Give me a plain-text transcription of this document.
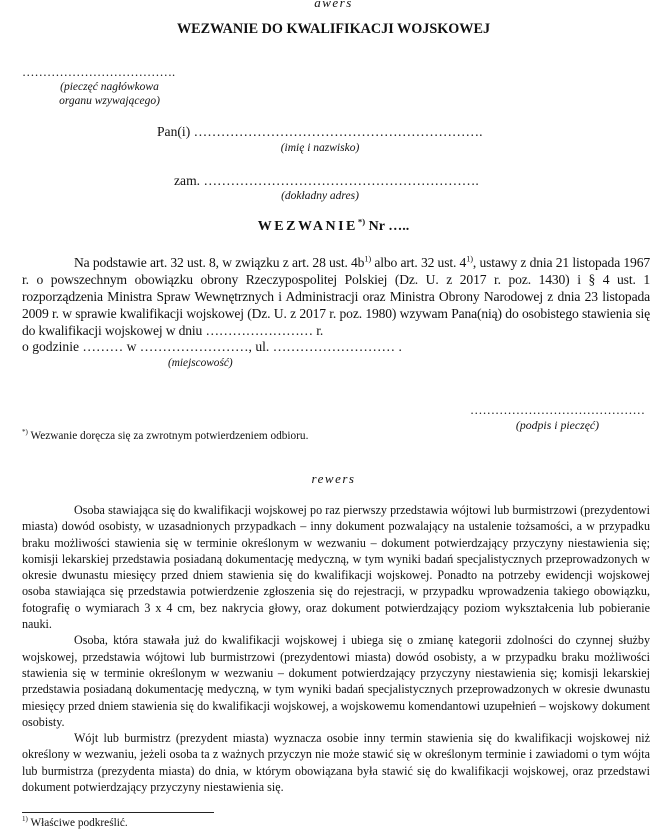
awers
WEZWANIE DO KWALIFIKACJI WOJSKOWEJ
……………………………….
(pieczęć nagłówkowa
organu wzywającego)
Pan(i) ……………………………………………………….
(imię i nazwisko)
zam. …………………………………………………….
(dokładny adres)
WEZWANIE*) Nr …..
Na podstawie art. 32 ust. 8, w związku z art. 28 ust. $4b^{1)}$ albo art. 32 ust. 4$^{1)}$, ustawy z dnia 21 listopada 1967 r. o powszechnym obowiązku obrony Rzeczypospolitej Polskiej (Dz. U. z 2017 r. poz. 1430) i § 4 ust. 1 rozporządzenia Ministra Spraw Wewnętrznych i Administracji oraz Ministra Obrony Narodowej z dnia 23 listopada 2009 r. w sprawie kwalifikacji wojskowej (Dz. U. z 2017 r. poz. 1980) wzywam Pana(nią) do osobistego stawienia się do kwalifikacji wojskowej w dniu …………………… r.
o godzinie ……… w ……………………, ul. ……………………… .
(miejscowość)
……………………………………
(podpis i pieczęć)
*) Wezwanie doręcza się za zwrotnym potwierdzeniem odbioru.
rewers

Osoba stawiająca się do kwalifikacji wojskowej po raz pierwszy przedstawia wójtowi lub burmistrzowi (prezydentowi miasta) dowód osobisty, w uzasadnionych przypadkach – inny dokument pozwalający na ustalenie tożsamości, a w przypadku braku możliwości stawienia się w terminie określonym w wezwaniu – dokument potwierdzający przyczyny niestawienia się; komisji lekarskiej przedstawia posiadaną dokumentację medyczną, w tym wyniki badań specjalistycznych przeprowadzonych w okresie dwunastu miesięcy przed dniem stawienia się do kwalifikacji wojskowej. Ponadto na potrzeby ewidencji wojskowej osoba stawiająca się przedstawia potwierdzenie zgłoszenia się do rejestracji, w przypadku wprowadzenia takiego obowiązku, fotografię o wymiarach 3 x 4 cm, bez nakrycia głowy, oraz dokument potwierdzający poziom wykształcenia lub pobieranie nauki.

Osoba, która stawała już do kwalifikacji wojskowej i ubiega się o zmianę kategorii zdolności do czynnej służby wojskowej, przedstawia wójtowi lub burmistrzowi (prezydentowi miasta) dowód osobisty, a w przypadku braku możliwości stawienia się w terminie określonym w wezwaniu – dokument potwierdzający przyczyny niestawienia się; komisji lekarskiej przedstawia posiadaną dokumentację medyczną, w tym wyniki badań specjalistycznych przeprowadzonych w okresie dwunastu miesięcy przed dniem stawienia się do kwalifikacji wojskowej, a wojskowemu komendantowi uzupełnień – wojskowy dokument osobisty.

Wójt lub burmistrz (prezydent miasta) wyznacza osobie inny termin stawienia się do kwalifikacji wojskowej niż określony w wezwaniu, jeżeli osoba ta z ważnych przyczyn nie może stawić się w określonym terminie i zawiadomi o tym wójta lub burmistrza (prezydenta miasta) do dnia, w którym obowiązana była stawić się do kwalifikacji wojskowej, oraz przedstawi dokument potwierdzający przyczyny niestawienia się.

$^{1)}$ Właściwe podkreślić.
